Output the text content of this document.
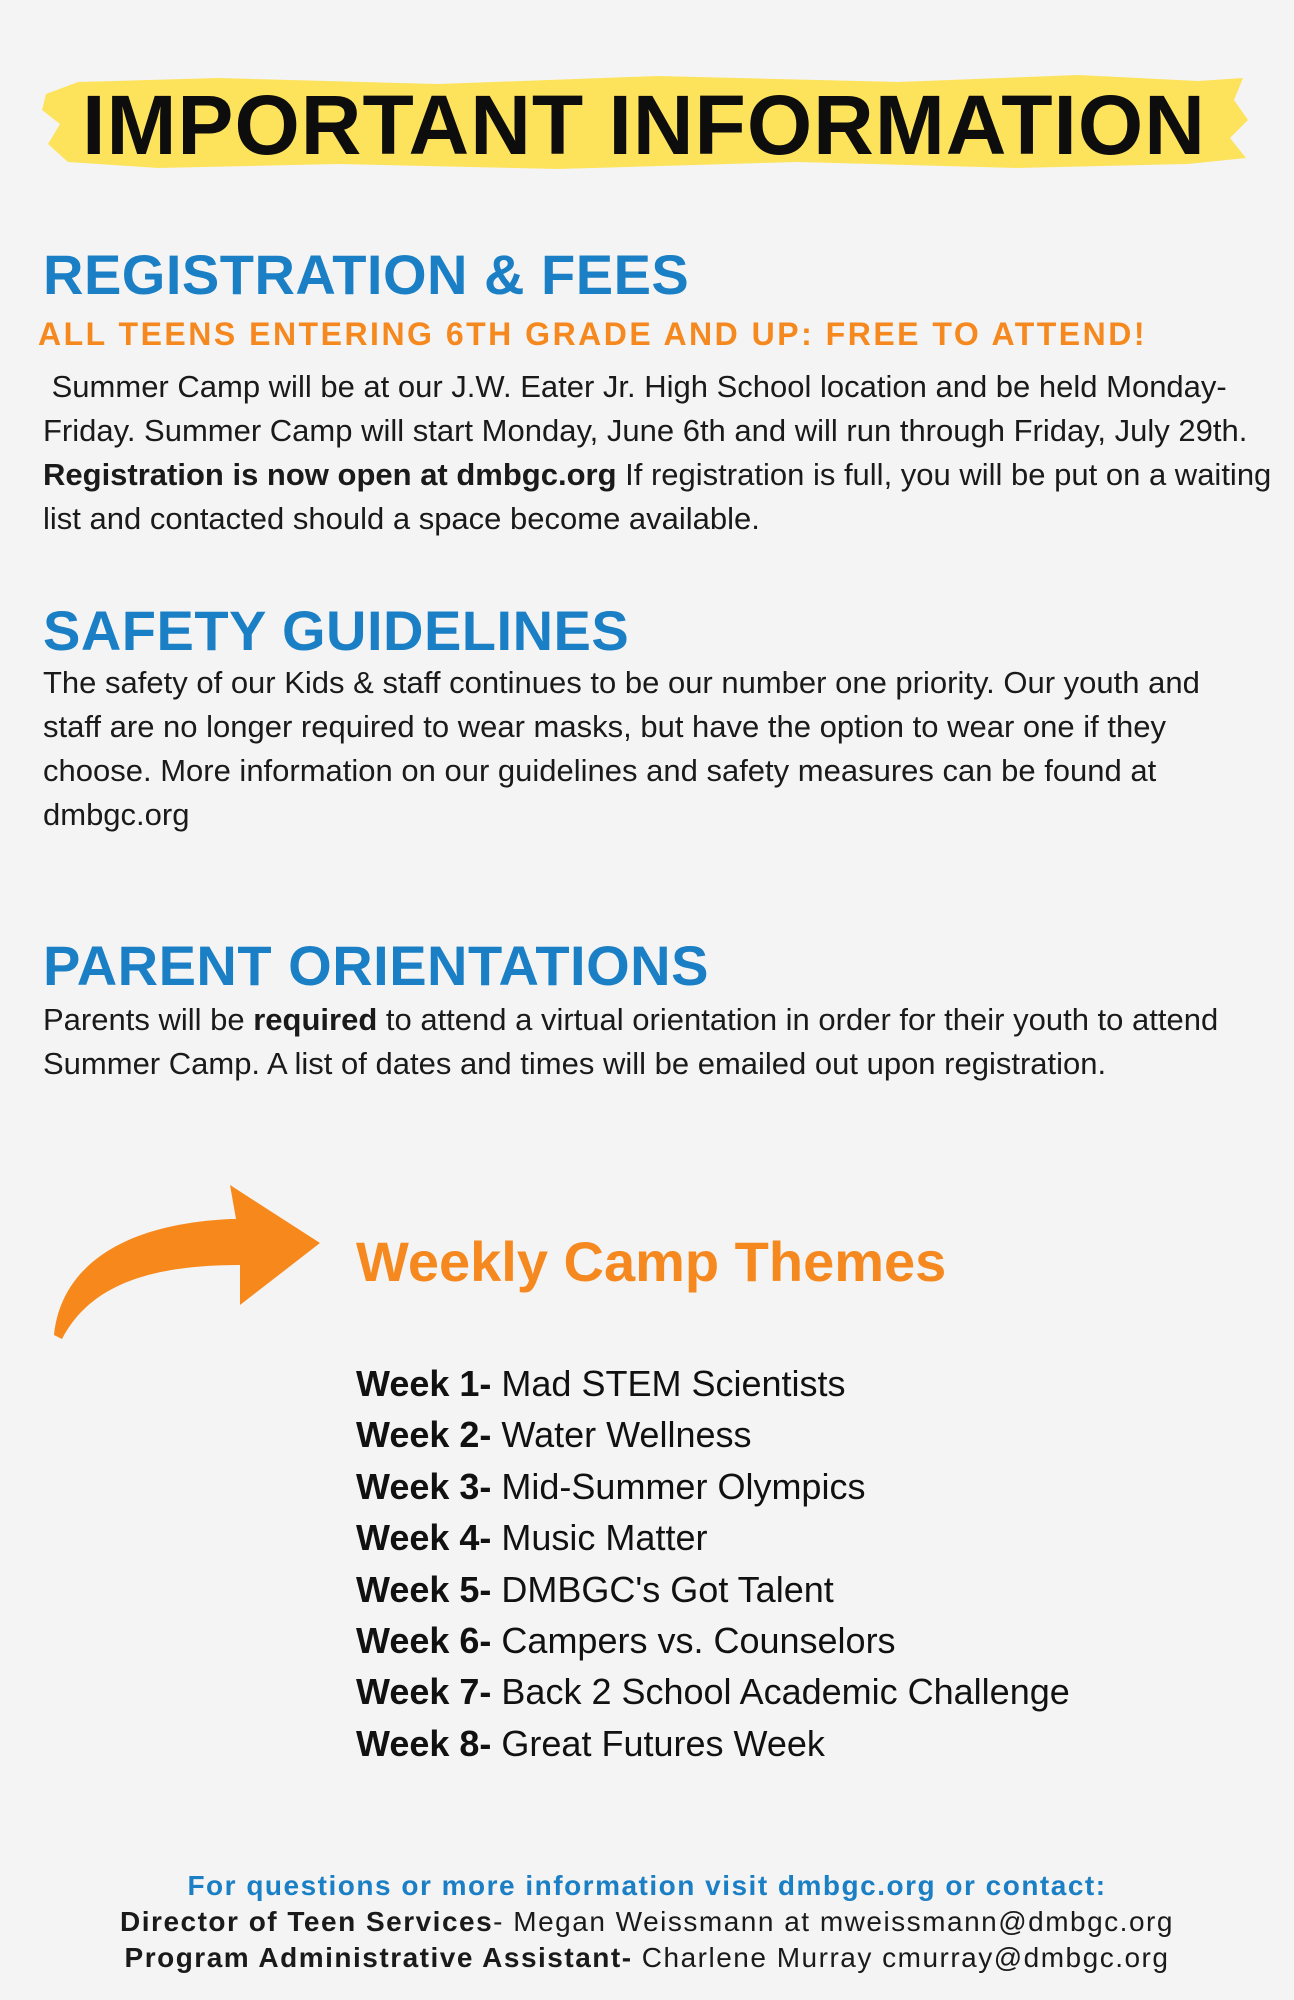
IMPORTANT INFORMATION
REGISTRATION & FEES

ALL TEENS ENTERING 6TH GRADE AND UP: FREE TO ATTEND!

Summer Camp will be at our J.W. Eater Jr. High School location and be held Monday-Friday. Summer Camp will start Monday, June 6th and will run through Friday, July 29th. Registration is now open at dmbgc.org If registration is full, you will be put on a waiting list and contacted should a space become available.

SAFETY GUIDELINES

The safety of our Kids & staff continues to be our number one priority. Our youth and staff are no longer required to wear masks, but have the option to wear one if they choose. More information on our guidelines and safety measures can be found at dmbgc.org

PARENT ORIENTATIONS

Parents will be required to attend a virtual orientation in order for their youth to attend Summer Camp. A list of dates and times will be emailed out upon registration.

Weekly Camp Themes
Week 1- Mad STEM Scientists
Week 2- Water Wellness
Week 3- Mid-Summer Olympics
Week 4- Music Matter
Week 5- DMBGC's Got Talent
Week 6- Campers vs. Counselors
Week 7- Back 2 School Academic Challenge
Week 8- Great Futures Week
For questions or more information visit dmbgc.org or contact:
Director of Teen Services- Megan Weissmann at mweissmann@dmbgc.org
Program Administrative Assistant- Charlene Murray cmurray@dmbgc.org
